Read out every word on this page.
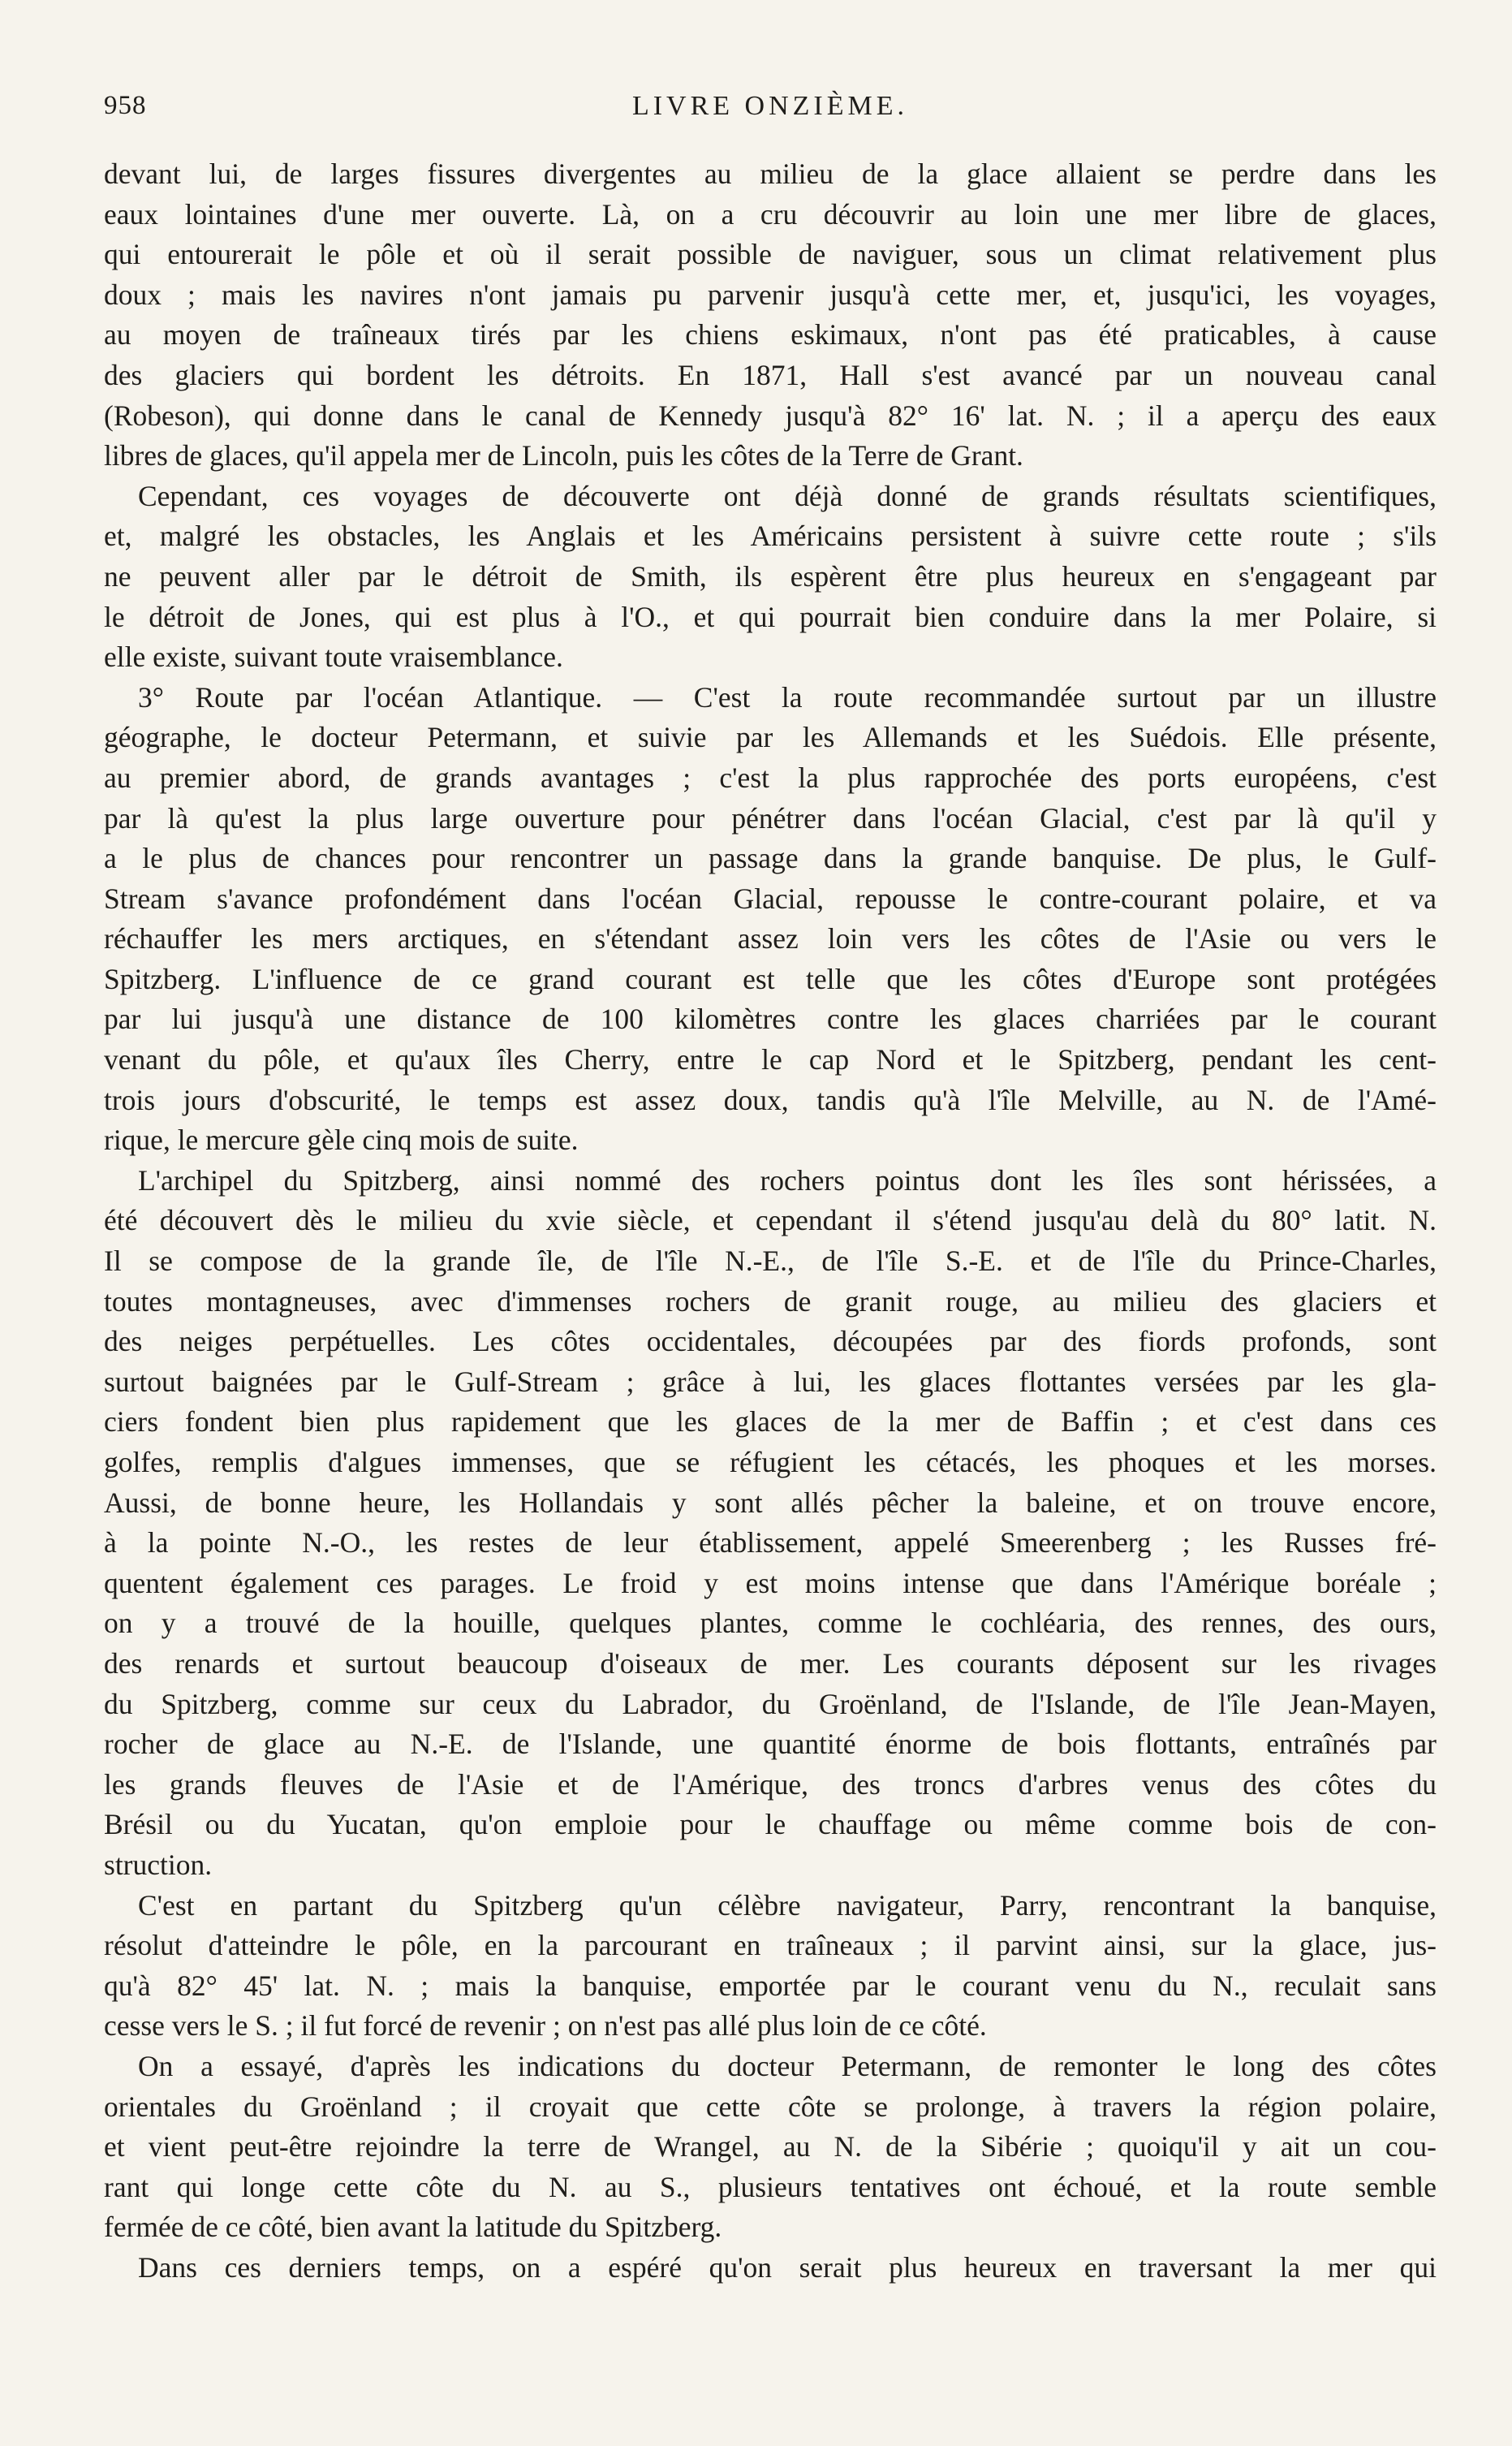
958	LIVRE ONZIÈME.
devant lui, de larges fissures divergentes au milieu de la glace allaient se perdre dans les
eaux lointaines d'une mer ouverte. Là, on a cru découvrir au loin une mer libre de glaces,
qui entourerait le pôle et où il serait possible de naviguer, sous un climat relativement plus
doux ; mais les navires n'ont jamais pu parvenir jusqu'à cette mer, et, jusqu'ici, les voyages,
au moyen de traîneaux tirés par les chiens eskimaux, n'ont pas été praticables, à cause
des glaciers qui bordent les détroits. En 1871, Hall s'est avancé par un nouveau canal
(Robeson), qui donne dans le canal de Kennedy jusqu'à 82° 16' lat. N. ; il a aperçu des eaux
libres de glaces, qu'il appela mer de Lincoln, puis les côtes de la Terre de Grant.
Cependant, ces voyages de découverte ont déjà donné de grands résultats scientifiques,
et, malgré les obstacles, les Anglais et les Américains persistent à suivre cette route ; s'ils
ne peuvent aller par le détroit de Smith, ils espèrent être plus heureux en s'engageant par
le détroit de Jones, qui est plus à l'O., et qui pourrait bien conduire dans la mer Polaire, si
elle existe, suivant toute vraisemblance.
3° Route par l'océan Atlantique. — C'est la route recommandée surtout par un illustre
géographe, le docteur Petermann, et suivie par les Allemands et les Suédois. Elle présente,
au premier abord, de grands avantages ; c'est la plus rapprochée des ports européens, c'est
par là qu'est la plus large ouverture pour pénétrer dans l'océan Glacial, c'est par là qu'il y
a le plus de chances pour rencontrer un passage dans la grande banquise. De plus, le Gulf-
Stream s'avance profondément dans l'océan Glacial, repousse le contre-courant polaire, et va
réchauffer les mers arctiques, en s'étendant assez loin vers les côtes de l'Asie ou vers le
Spitzberg. L'influence de ce grand courant est telle que les côtes d'Europe sont protégées
par lui jusqu'à une distance de 100 kilomètres contre les glaces charriées par le courant
venant du pôle, et qu'aux îles Cherry, entre le cap Nord et le Spitzberg, pendant les cent-
trois jours d'obscurité, le temps est assez doux, tandis qu'à l'île Melville, au N. de l'Amé-
rique, le mercure gèle cinq mois de suite.
L'archipel du Spitzberg, ainsi nommé des rochers pointus dont les îles sont hérissées, a
été découvert dès le milieu du xvie siècle, et cependant il s'étend jusqu'au delà du 80° latit. N.
Il se compose de la grande île, de l'île N.-E., de l'île S.-E. et de l'île du Prince-Charles,
toutes montagneuses, avec d'immenses rochers de granit rouge, au milieu des glaciers et
des neiges perpétuelles. Les côtes occidentales, découpées par des fiords profonds, sont
surtout baignées par le Gulf-Stream ; grâce à lui, les glaces flottantes versées par les gla-
ciers fondent bien plus rapidement que les glaces de la mer de Baffin ; et c'est dans ces
golfes, remplis d'algues immenses, que se réfugient les cétacés, les phoques et les morses.
Aussi, de bonne heure, les Hollandais y sont allés pêcher la baleine, et on trouve encore,
à la pointe N.-O., les restes de leur établissement, appelé Smeerenberg ; les Russes fré-
quentent également ces parages. Le froid y est moins intense que dans l'Amérique boréale ;
on y a trouvé de la houille, quelques plantes, comme le cochléaria, des rennes, des ours,
des renards et surtout beaucoup d'oiseaux de mer. Les courants déposent sur les rivages
du Spitzberg, comme sur ceux du Labrador, du Groënland, de l'Islande, de l'île Jean-Mayen,
rocher de glace au N.-E. de l'Islande, une quantité énorme de bois flottants, entraînés par
les grands fleuves de l'Asie et de l'Amérique, des troncs d'arbres venus des côtes du
Brésil ou du Yucatan, qu'on emploie pour le chauffage ou même comme bois de con-
struction.
C'est en partant du Spitzberg qu'un célèbre navigateur, Parry, rencontrant la banquise,
résolut d'atteindre le pôle, en la parcourant en traîneaux ; il parvint ainsi, sur la glace, jus-
qu'à 82° 45' lat. N. ; mais la banquise, emportée par le courant venu du N., reculait sans
cesse vers le S. ; il fut forcé de revenir ; on n'est pas allé plus loin de ce côté.
On a essayé, d'après les indications du docteur Petermann, de remonter le long des côtes
orientales du Groënland ; il croyait que cette côte se prolonge, à travers la région polaire,
et vient peut-être rejoindre la terre de Wrangel, au N. de la Sibérie ; quoiqu'il y ait un cou-
rant qui longe cette côte du N. au S., plusieurs tentatives ont échoué, et la route semble
fermée de ce côté, bien avant la latitude du Spitzberg.
Dans ces derniers temps, on a espéré qu'on serait plus heureux en traversant la mer qui
